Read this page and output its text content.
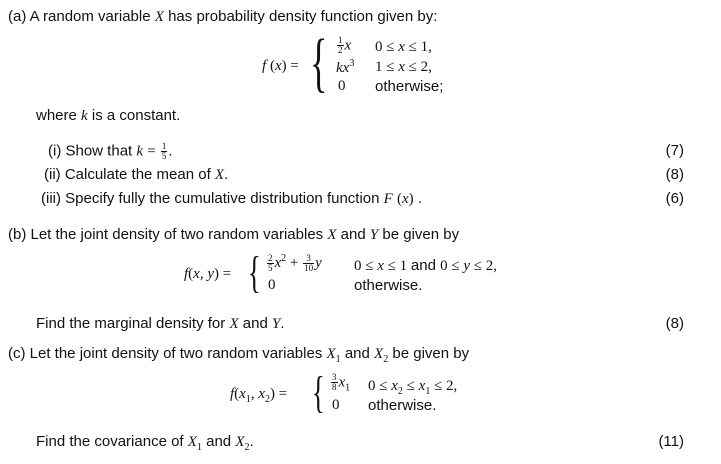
(a) A random variable X has probability density function given by:
f (x) = { $\frac{1}{2}$ x 0 ≤ x ≤ 1,
$kx^3$ 1 ≤ x ≤ 2,
0 otherwise;
where k is a constant.
(i) Show that $k = \frac{1}{5}$ .	(7)
(ii) Calculate the mean of X.	(8)
(iii) Specify fully the cumulative distribution function F (x) .	(6)
(b) Let the joint density of two random variables X and Y be given by
f(x, y) = { $\frac{2}{5} x^2 + \frac{3}{10}$ y 0 ≤ x ≤ 1 and 0 ≤ y ≤ 2,
0	otherwise.
Find the marginal density for X and Y.	(8)
(c) Let the joint density of two random variables $X_1$ and $X_2$ be given by
$f(x_1$, $x_2$) = { $\frac{3}{8} x_1$ $0 \le x_2 \le x_1 \le 2$,
0 otherwise.
Find the covariance of $X_1$ and $X_2$.	(11)
